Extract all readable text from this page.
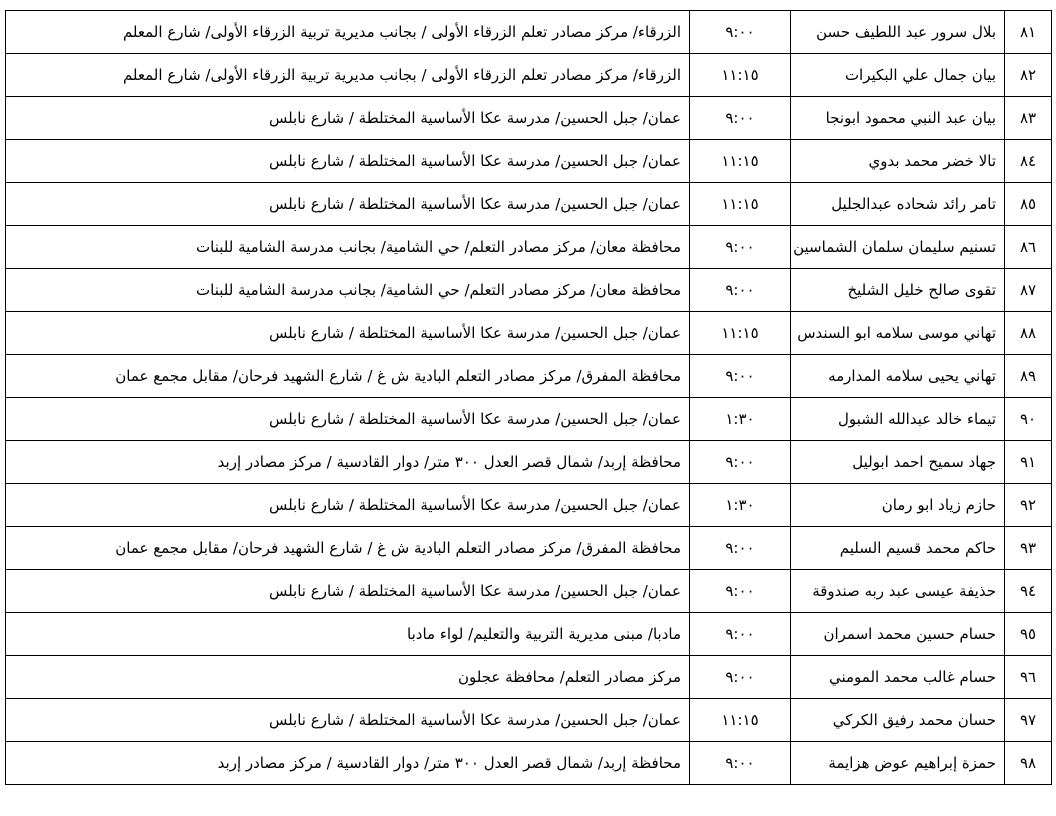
٨١	بلال سرور عبد اللطيف حسن	٩:٠٠	الزرقاء/ مركز مصادر تعلم الزرقاء الأولى / بجانب مديرية تربية الزرقاء الأولى/ شارع المعلم
٨٢	بيان جمال علي البكيرات	١١:١٥	الزرقاء/ مركز مصادر تعلم الزرقاء الأولى / بجانب مديرية تربية الزرقاء الأولى/ شارع المعلم
٨٣	بيان عبد النبي محمود ابونجا	٩:٠٠	عمان/ جبل الحسين/ مدرسة عكا الأساسية المختلطة / شارع نابلس
٨٤	تالا خضر محمد بدوي	١١:١٥	عمان/ جبل الحسين/ مدرسة عكا الأساسية المختلطة / شارع نابلس
٨٥	تامر رائد شحاده عبدالجليل	١١:١٥	عمان/ جبل الحسين/ مدرسة عكا الأساسية المختلطة / شارع نابلس
٨٦	تسنيم سليمان سلمان الشماسين	٩:٠٠	محافظة معان/ مركز مصادر التعلم/ حي الشامية/ بجانب مدرسة الشامية للبنات
٨٧	تقوى صالح خليل الشليخ	٩:٠٠	محافظة معان/ مركز مصادر التعلم/ حي الشامية/ بجانب مدرسة الشامية للبنات
٨٨	تهاني موسى سلامه ابو السندس	١١:١٥	عمان/ جبل الحسين/ مدرسة عكا الأساسية المختلطة / شارع نابلس
٨٩	تهاني يحيى سلامه المدارمه	٩:٠٠	محافظة المفرق/ مركز مصادر التعلم البادية ش غ / شارع الشهيد فرحان/ مقابل مجمع عمان
٩٠	تيماء خالد عبدالله الشبول	١:٣٠	عمان/ جبل الحسين/ مدرسة عكا الأساسية المختلطة / شارع نابلس
٩١	جهاد سميح احمد ابوليل	٩:٠٠	محافظة إربد/ شمال قصر العدل ٣٠٠ متر/ دوار القادسية / مركز مصادر إربد
٩٢	حازم زياد ابو رمان	١:٣٠	عمان/ جبل الحسين/ مدرسة عكا الأساسية المختلطة / شارع نابلس
٩٣	حاكم محمد قسيم السليم	٩:٠٠	محافظة المفرق/ مركز مصادر التعلم البادية ش غ / شارع الشهيد فرحان/ مقابل مجمع عمان
٩٤	حذيفة عيسى عبد ربه صندوقة	٩:٠٠	عمان/ جبل الحسين/ مدرسة عكا الأساسية المختلطة / شارع نابلس
٩٥	حسام حسين محمد اسمران	٩:٠٠	مادبا/ مبنى مديرية التربية والتعليم/ لواء مادبا
٩٦	حسام غالب محمد المومني	٩:٠٠	مركز مصادر التعلم/ محافظة عجلون
٩٧	حسان محمد رفيق الكركي	١١:١٥	عمان/ جبل الحسين/ مدرسة عكا الأساسية المختلطة / شارع نابلس
٩٨	حمزة إبراهيم عوض هزايمة	٩:٠٠	محافظة إربد/ شمال قصر العدل ٣٠٠ متر/ دوار القادسية / مركز مصادر إربد
